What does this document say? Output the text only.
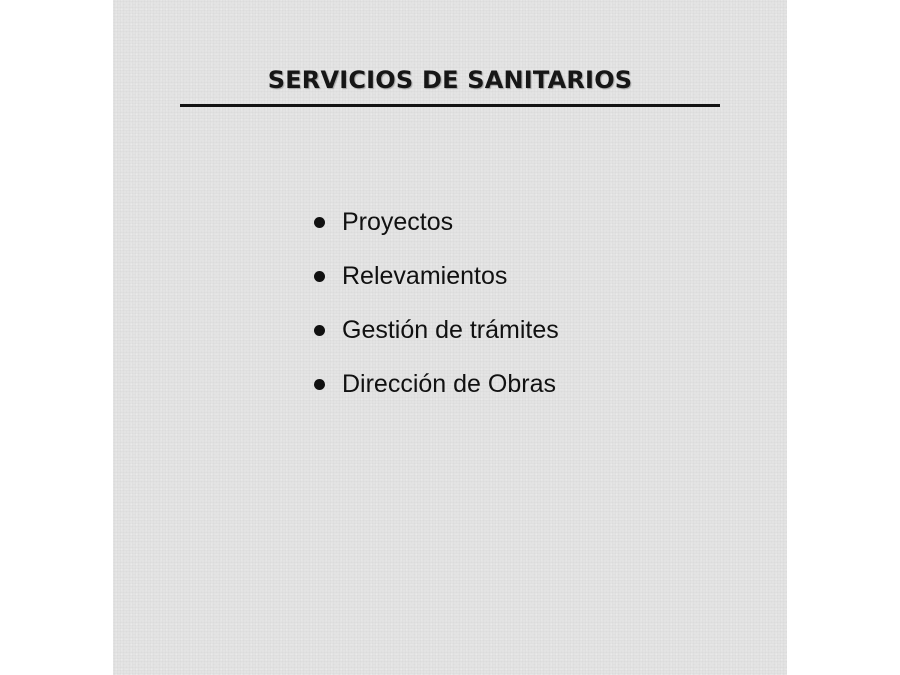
SERVICIOS DE SANITARIOS
Proyectos
Relevamientos
Gestión de trámites
Dirección de Obras
